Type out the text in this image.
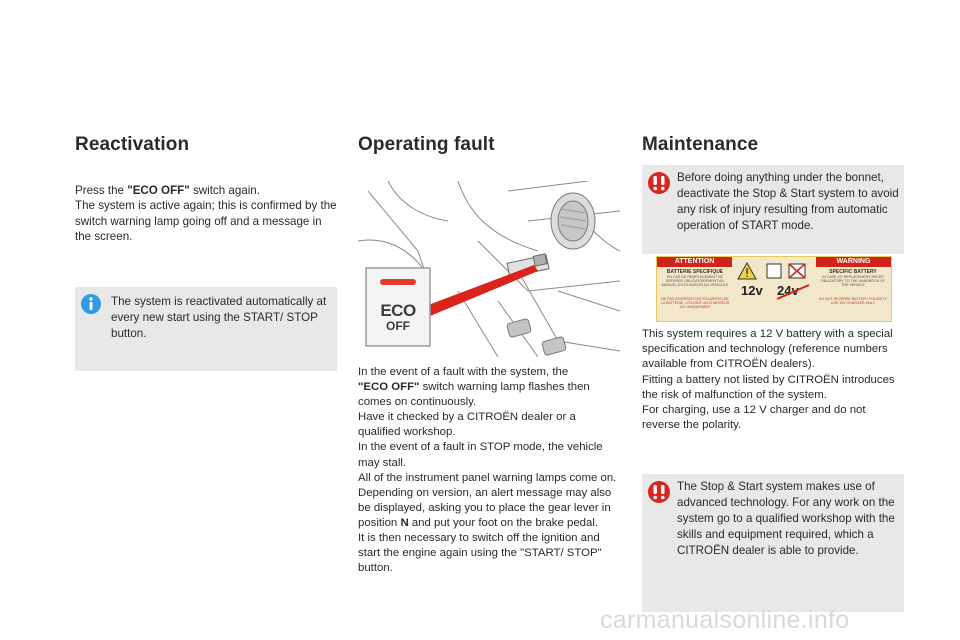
Reactivation

Press the "ECO OFF" switch again.

The system is active again; this is confirmed by the switch warning lamp going off and a message in the screen.

The system is reactivated automatically at every new start using the START/ STOP button.
Operating fault
ECO
OFF

In the event of a fault with the system, the
"ECO OFF" switch warning lamp flashes then comes on continuously.

Have it checked by a CITROËN dealer or a qualified workshop.

In the event of a fault in STOP mode, the vehicle may stall.

All of the instrument panel warning lamps come on.

Depending on version, an alert message may also be displayed, asking you to place the gear lever in position N and put your foot on the brake pedal.

It is then necessary to switch off the ignition and start the engine again using the "START/ STOP" button.

Maintenance
Before doing anything under the bonnet, deactivate the Stop & Start system to avoid any risk of injury resulting from automatic operation of START mode.
ATTENTION	WARNING
BATTERIE SPECIFIQUE
EN CAS DE REMPLACEMENT SE REFERER OBLIGATOIREMENT AU MANUEL D'UTILISATION DU VEHICULE
NE PAS INVERSER LES POLARITES DE LA BATTERIE, UTILISER UN CHARGEUR 12V UNIQUEMENT
SPECIFIC BATTERY
IN CASE OF REPLACEMENT REFER OBLIGATORY TO THE HANDBOOK OF THE VEHICLE
DO NOT REVERSE BATTERY POLARITY, USE 12V CHARGER ONLY
12v 24v

This system requires a 12 V battery with a special specification and technology (reference numbers available from CITROËN dealers).

Fitting a battery not listed by CITROËN introduces the risk of malfunction of the system.

For charging, use a 12 V charger and do not reverse the polarity.

The Stop & Start system makes use of advanced technology. For any work on the system go to a qualified workshop with the skills and equipment required, which a CITROËN dealer is able to provide.
carmanualsonline.info
